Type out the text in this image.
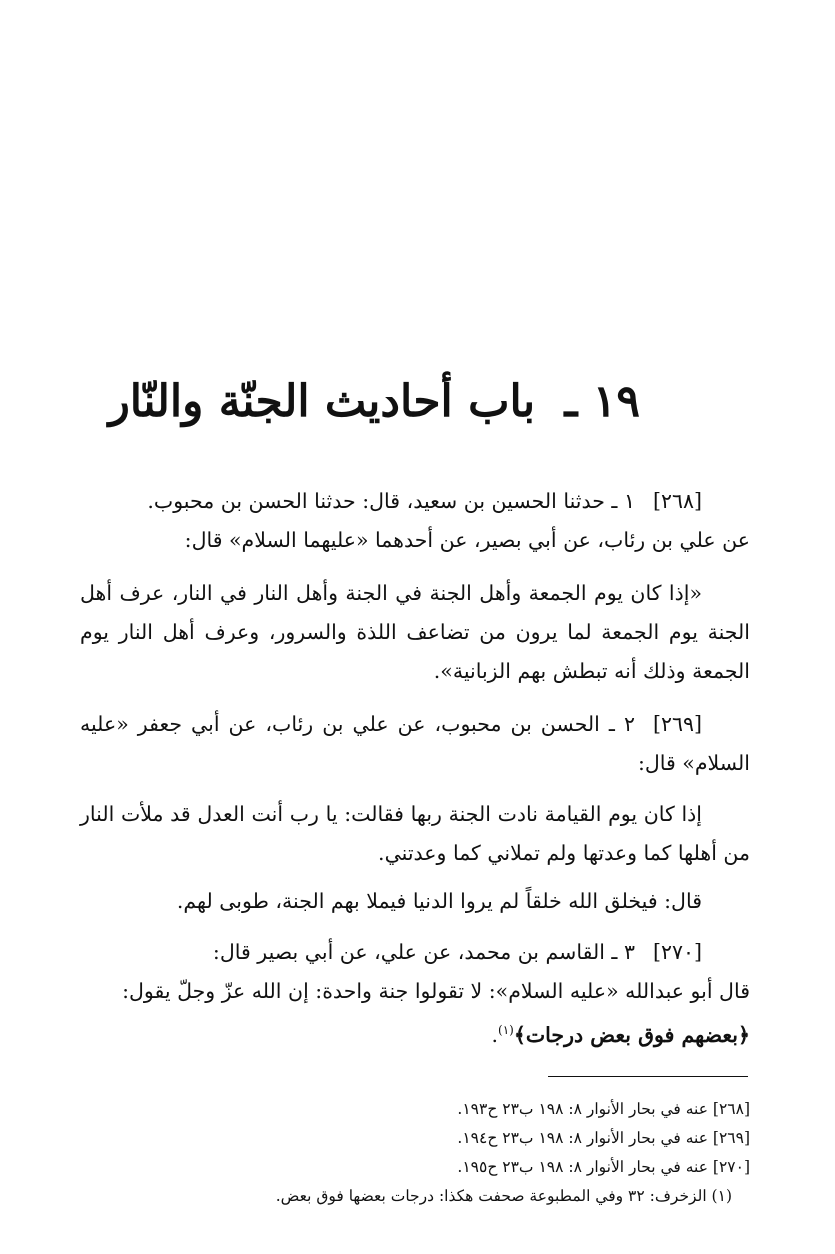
١٩ ـ باب أحاديث الجنّة والنّار
[٢٦٨]١ ـ حدثنا الحسين بن سعيد، قال: حدثنا الحسن بن محبوب.
عن علي بن رئاب، عن أبي بصير، عن أحدهما «عليهما السلام» قال:
«إذا كان يوم الجمعة وأهل الجنة في الجنة وأهل النار في النار، عرف أهل الجنة يوم الجمعة لما يرون من تضاعف اللذة والسرور، وعرف أهل النار يوم الجمعة وذلك أنه تبطش بهم الزبانية».
[٢٦٩]٢ ـ الحسن بن محبوب، عن علي بن رئاب، عن أبي جعفر «عليه السلام» قال:
إذا كان يوم القيامة نادت الجنة ربها فقالت: يا رب أنت العدل قد ملأت النار من أهلها كما وعدتها ولم تملاني كما وعدتني.
قال: فيخلق الله خلقاً لم يروا الدنيا فيملا بهم الجنة، طوبى لهم.
[٢٧٠]٣ ـ القاسم بن محمد، عن علي، عن أبي بصير قال:
قال أبو عبدالله «عليه السلام»: لا تقولوا جنة واحدة: إن الله عزّ وجلّ يقول:
﴿بعضهم فوق بعض درجات﴾$^{(١)}$.
[٢٦٨] عنه في بحار الأنوار ٨: ١٩٨ ب٢٣ ح١٩٣.
[٢٦٩] عنه في بحار الأنوار ٨: ١٩٨ ب٢٣ ح١٩٤.
[٢٧٠] عنه في بحار الأنوار ٨: ١٩٨ ب٢٣ ح١٩٥.
(١) الزخرف: ٣٢ وفي المطبوعة صحفت هكذا: درجات بعضها فوق بعض.
